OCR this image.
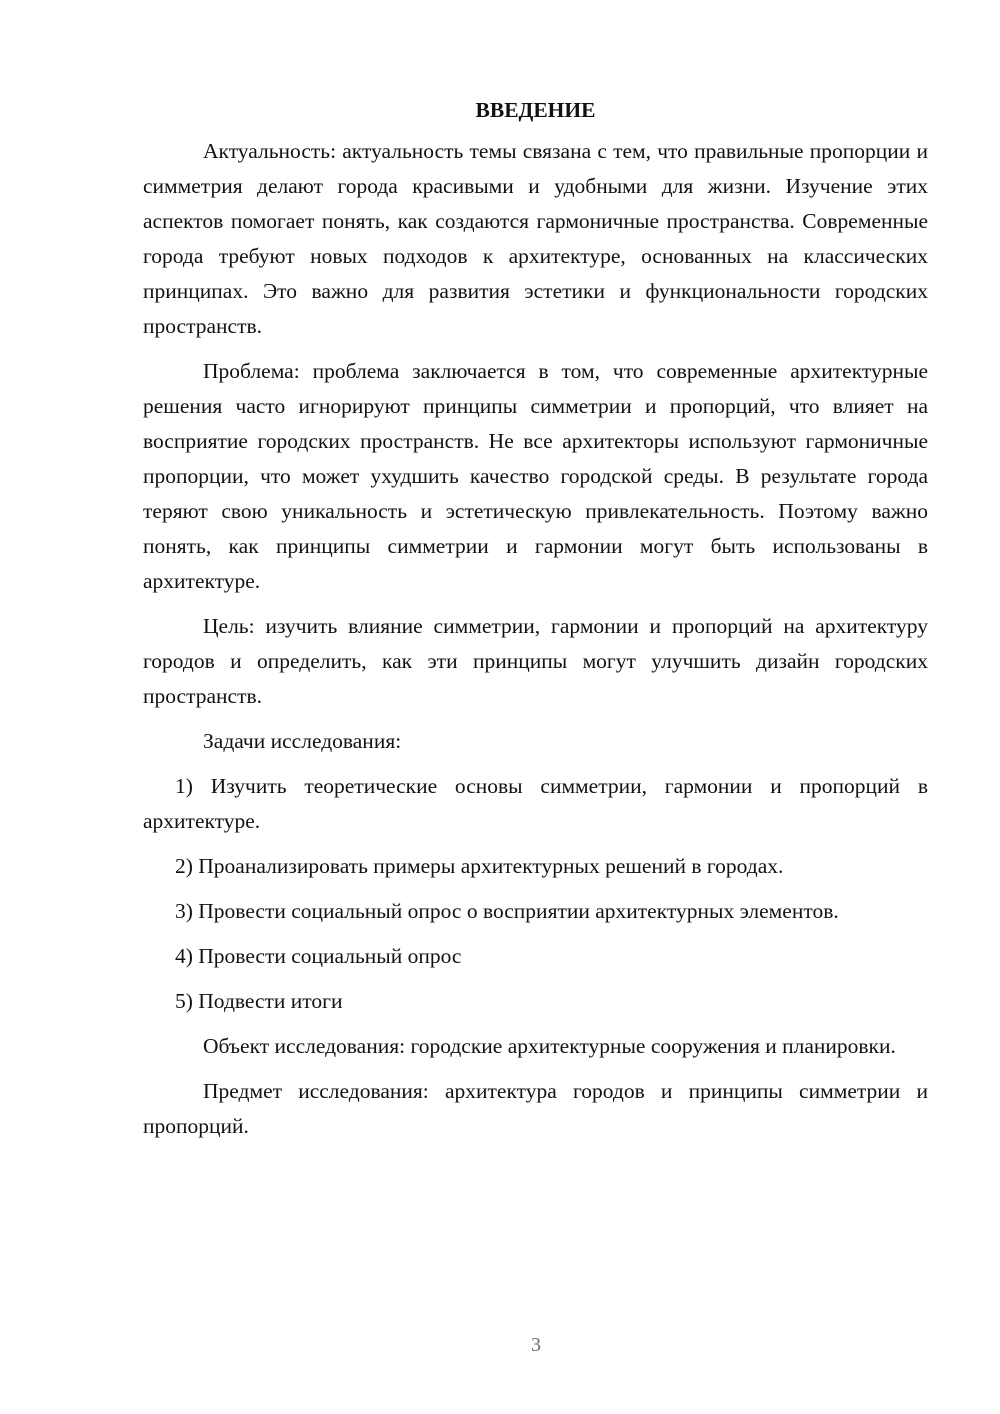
ВВЕДЕНИЕ

Актуальность: актуальность темы связана с тем, что правильные пропорции и симметрия делают города красивыми и удобными для жизни. Изучение этих аспектов помогает понять, как создаются гармоничные пространства. Современные города требуют новых подходов к архитектуре, основанных на классических принципах. Это важно для развития эстетики и функциональности городских пространств.

Проблема: проблема заключается в том, что современные архитектурные решения часто игнорируют принципы симметрии и пропорций, что влияет на восприятие городских пространств. Не все архитекторы используют гармоничные пропорции, что может ухудшить качество городской среды. В результате города теряют свою уникальность и эстетическую привлекательность. Поэтому важно понять, как принципы симметрии и гармонии могут быть использованы в архитектуре.

Цель: изучить влияние симметрии, гармонии и пропорций на архитектуру городов и определить, как эти принципы могут улучшить дизайн городских пространств.

Задачи исследования:

1) Изучить теоретические основы симметрии, гармонии и пропорций в архитектуре.

2) Проанализировать примеры архитектурных решений в городах.

3) Провести социальный опрос о восприятии архитектурных элементов.

4) Провести социальный опрос

5) Подвести итоги

Объект исследования: городские архитектурные сооружения и планировки.

Предмет исследования: архитектура городов и принципы симметрии и пропорций.

3
